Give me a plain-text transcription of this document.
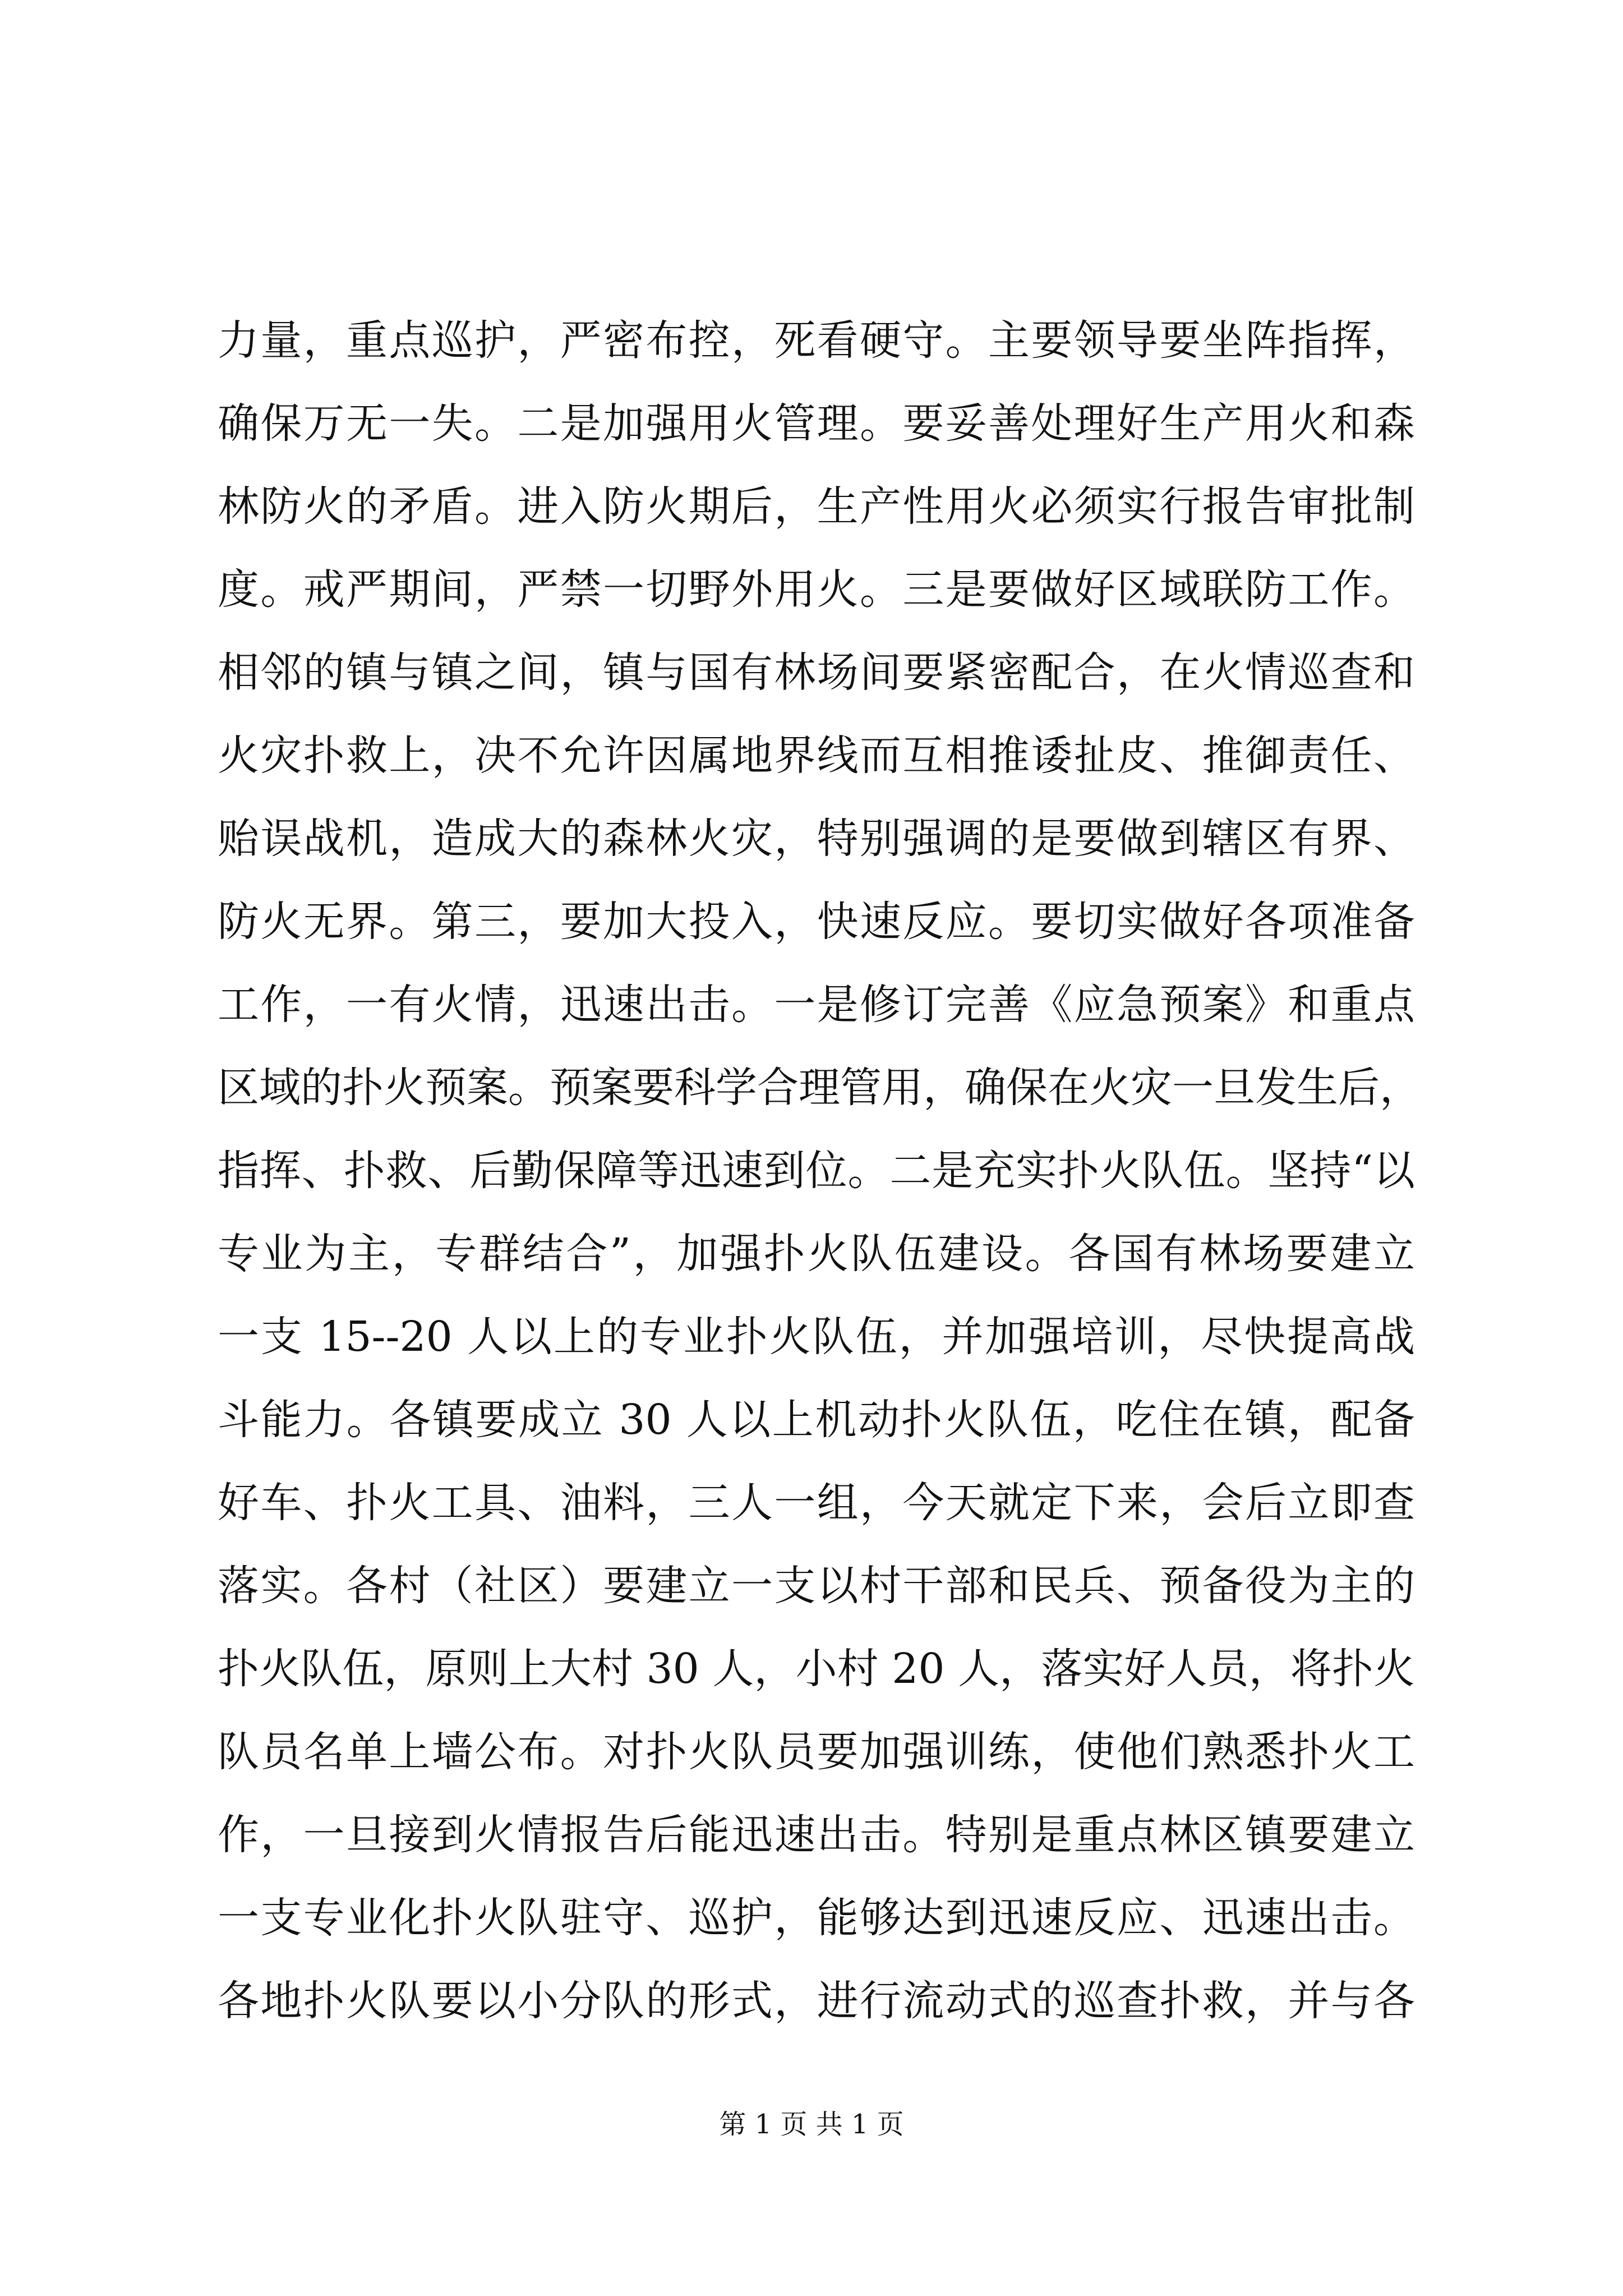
力量，重点巡护，严密布控，死看硬守。主要领导要坐阵指挥，
确保万无一失。二是加强用火管理。要妥善处理好生产用火和森
林防火的矛盾。进入防火期后，生产性用火必须实行报告审批制
度。戒严期间，严禁一切野外用火。三是要做好区域联防工作。
相邻的镇与镇之间，镇与国有林场间要紧密配合，在火情巡查和
火灾扑救上，决不允许因属地界线而互相推诿扯皮、推御责任、
贻误战机，造成大的森林火灾，特别强调的是要做到辖区有界、
防火无界。第三，要加大投入，快速反应。要切实做好各项准备
工作，一有火情，迅速出击。一是修订完善《应急预案》和重点
区域的扑火预案。预案要科学合理管用，确保在火灾一旦发生后，
指挥、扑救、后勤保障等迅速到位。二是充实扑火队伍。坚持“以
专业为主，专群结合”，加强扑火队伍建设。各国有林场要建立
一支 15--20 人以上的专业扑火队伍，并加强培训，尽快提高战
斗能力。各镇要成立 30 人以上机动扑火队伍，吃住在镇，配备
好车、扑火工具、油料，三人一组，今天就定下来，会后立即查
落实。各村（社区）要建立一支以村干部和民兵、预备役为主的
扑火队伍，原则上大村 30 人，小村 20 人，落实好人员，将扑火
队员名单上墙公布。对扑火队员要加强训练，使他们熟悉扑火工
作，一旦接到火情报告后能迅速出击。特别是重点林区镇要建立
一支专业化扑火队驻守、巡护，能够达到迅速反应、迅速出击。
各地扑火队要以小分队的形式，进行流动式的巡查扑救，并与各
第 1 页 共 1 页
